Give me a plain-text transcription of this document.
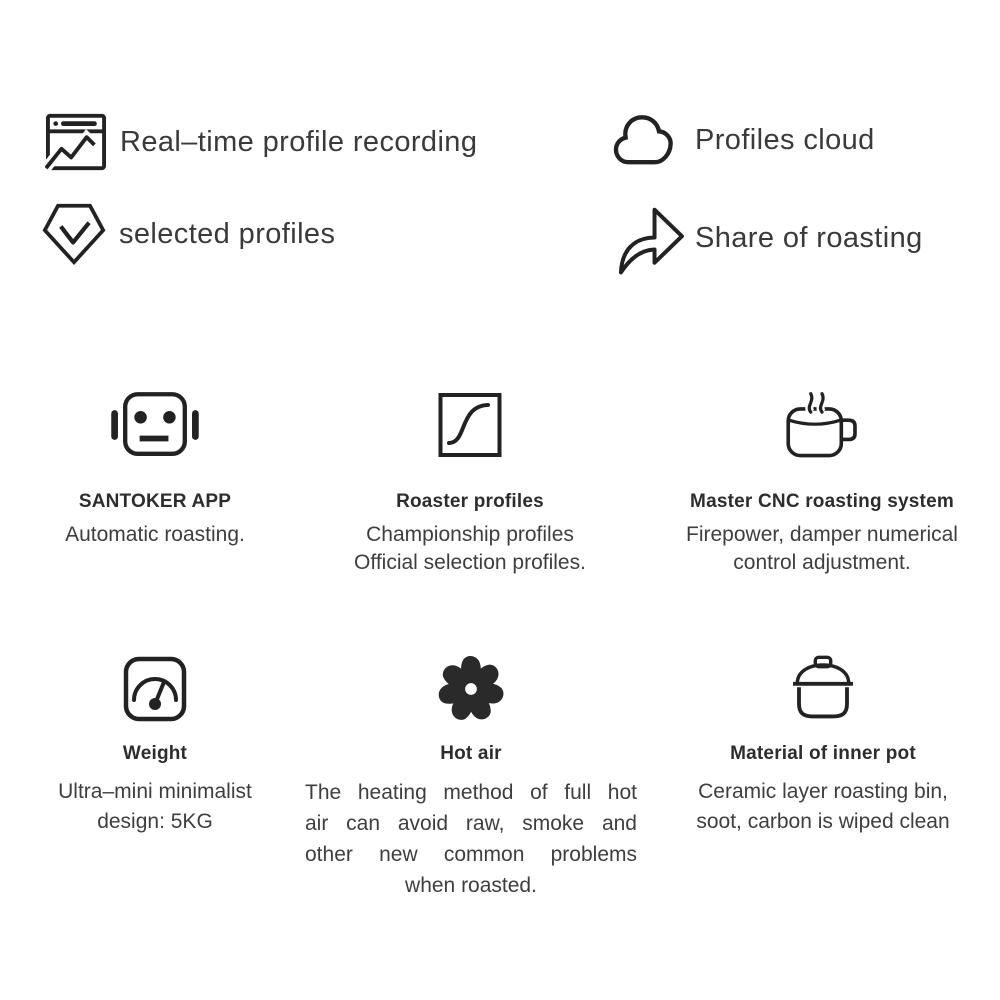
Real–time profile recording	Profiles cloud
selected profiles	Share of roasting
SANTOKER APP
Automatic roasting.
Roaster profiles
Championship profiles
Official selection profiles.
Master CNC roasting system
Firepower, damper numerical
control adjustment.
Weight
Ultra–mini minimalist
design: 5KG
Hot air
The heating method of full hot
air can avoid raw, smoke and
other new common problems
when roasted.
Material of inner pot
Ceramic layer roasting bin,
soot, carbon is wiped clean
